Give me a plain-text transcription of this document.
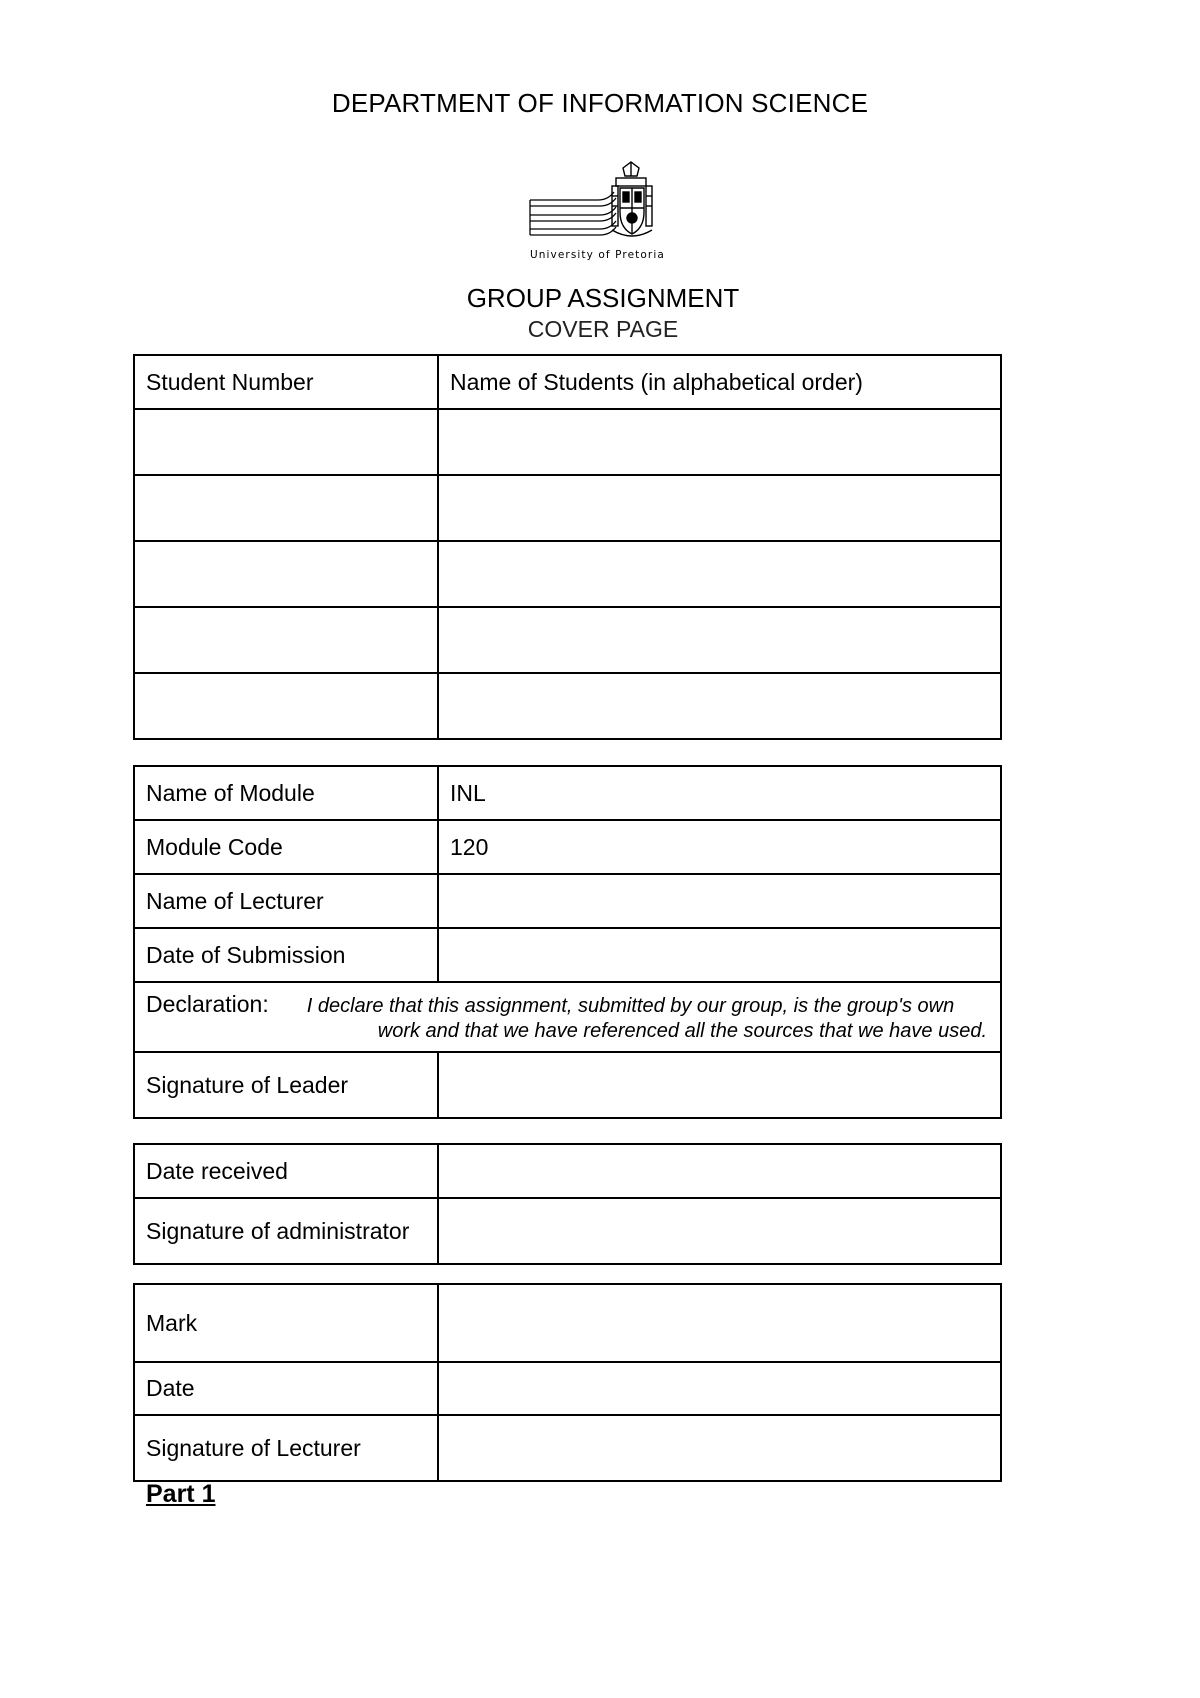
DEPARTMENT OF INFORMATION SCIENCE
University of Pretoria
GROUP ASSIGNMENT
COVER PAGE
Student Number	Name of Students (in alphabetical order)

Name of Module	INL
Module Code	120
Name of Lecturer	
Date of Submission	
Declaration: I declare that this assignment, submitted by our group, is the group's own
work and that we have referenced all the sources that we have used.	

Signature of Leader	
Date received	
Signature of administrator	
Mark	
Date	
Signature of Lecturer	
Part 1
